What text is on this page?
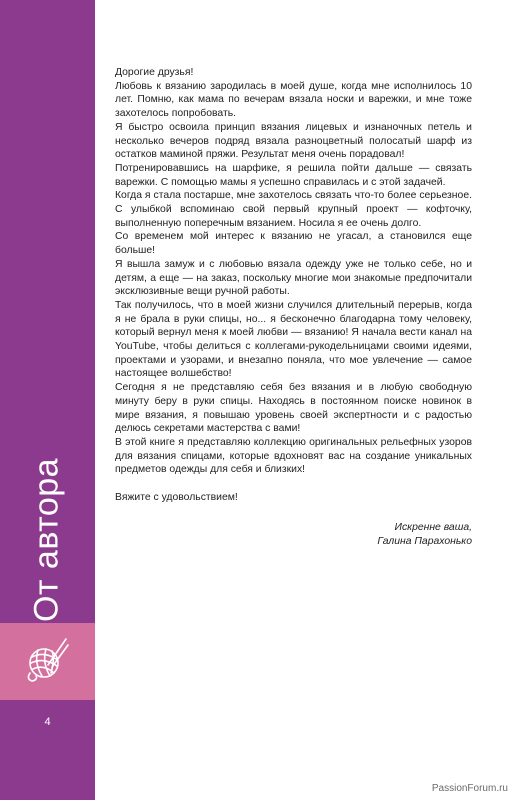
От автора
4

Дорогие друзья!

Любовь к вязанию зародилась в моей душе, когда мне исполнилось 10 лет. Помню, как мама по вечерам вязала носки и варежки, и мне тоже захотелось попробовать.

Я быстро освоила принцип вязания лицевых и изнаночных петель и несколько вечеров подряд вязала разноцветный полосатый шарф из остатков маминой пряжи. Результат меня очень порадовал!

Потренировавшись на шарфике, я решила пойти дальше — связать варежки. С помощью мамы я успешно справилась и с этой задачей.

Когда я стала постарше, мне захотелось связать что-то более серьезное. С улыбкой вспоминаю свой первый крупный проект — кофточку, выполненную поперечным вязанием. Носила я ее очень долго.

Со временем мой интерес к вязанию не угасал, а становился еще больше!

Я вышла замуж и с любовью вязала одежду уже не только себе, но и детям, а еще — на заказ, поскольку многие мои знакомые предпочитали эксклюзивные вещи ручной работы.

Так получилось, что в моей жизни случился длительный перерыв, когда я не брала в руки спицы, но... я бесконечно благодарна тому человеку, который вернул меня к моей любви — вязанию! Я начала вести канал на YouTube, чтобы делиться с коллегами-рукодельницами своими идеями, проектами и узорами, и внезапно поняла, что мое увлечение — самое настоящее волшебство!

Сегодня я не представляю себя без вязания и в любую свободную минуту беру в руки спицы. Находясь в постоянном поиске новинок в мире вязания, я повышаю уровень своей экспертности и с радостью делюсь секретами мастерства с вами!

В этой книге я представляю коллекцию оригинальных рельефных узоров для вязания спицами, которые вдохновят вас на создание уникальных предметов одежды для себя и близких!

Вяжите с удовольствием!

Искренне ваша,
Галина Парахонько
PassionForum.ru
